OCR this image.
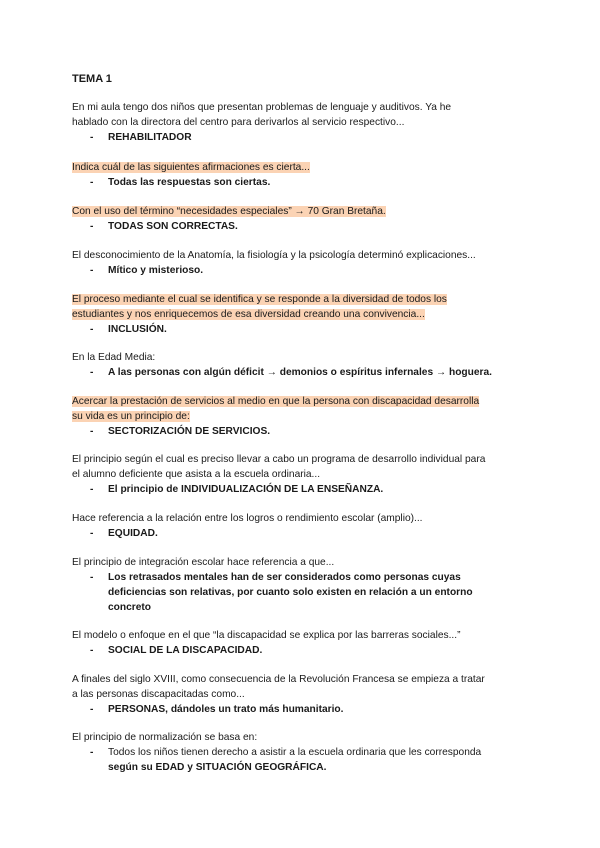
TEMA 1

En mi aula tengo dos niños que presentan problemas de lenguaje y auditivos. Ya he
hablado con la directora del centro para derivarlos al servicio respectivo...

- REHABILITADOR

Indica cuál de las siguientes afirmaciones es cierta...

- Todas las respuestas son ciertas.

Con el uso del término “necesidades especiales” → 70 Gran Bretaña.

- TODAS SON CORRECTAS.

El desconocimiento de la Anatomía, la fisiología y la psicología determinó explicaciones...

- Mítico y misterioso.

El proceso mediante el cual se identifica y se responde a la diversidad de todos los
estudiantes y nos enriquecemos de esa diversidad creando una convivencia...

- INCLUSIÓN.

En la Edad Media:

- A las personas con algún déficit → demonios o espíritus infernales → hoguera.

Acercar la prestación de servicios al medio en que la persona con discapacidad desarrolla
su vida es un principio de:

- SECTORIZACIÓN DE SERVICIOS.

El principio según el cual es preciso llevar a cabo un programa de desarrollo individual para
el alumno deficiente que asista a la escuela ordinaria...

- El principio de INDIVIDUALIZACIÓN DE LA ENSEÑANZA.

Hace referencia a la relación entre los logros o rendimiento escolar (amplio)...

- EQUIDAD.

El principio de integración escolar hace referencia a que...

- Los retrasados mentales han de ser considerados como personas cuyas deficiencias son relativas, por cuanto solo existen en relación a un entorno concreto

El modelo o enfoque en el que “la discapacidad se explica por las barreras sociales...”

- SOCIAL DE LA DISCAPACIDAD.

A finales del siglo XVIII, como consecuencia de la Revolución Francesa se empieza a tratar
a las personas discapacitadas como...

- PERSONAS, dándoles un trato más humanitario.

El principio de normalización se basa en:

- Todos los niños tienen derecho a asistir a la escuela ordinaria que les corresponda
según su EDAD y SITUACIÓN GEOGRÁFICA.
